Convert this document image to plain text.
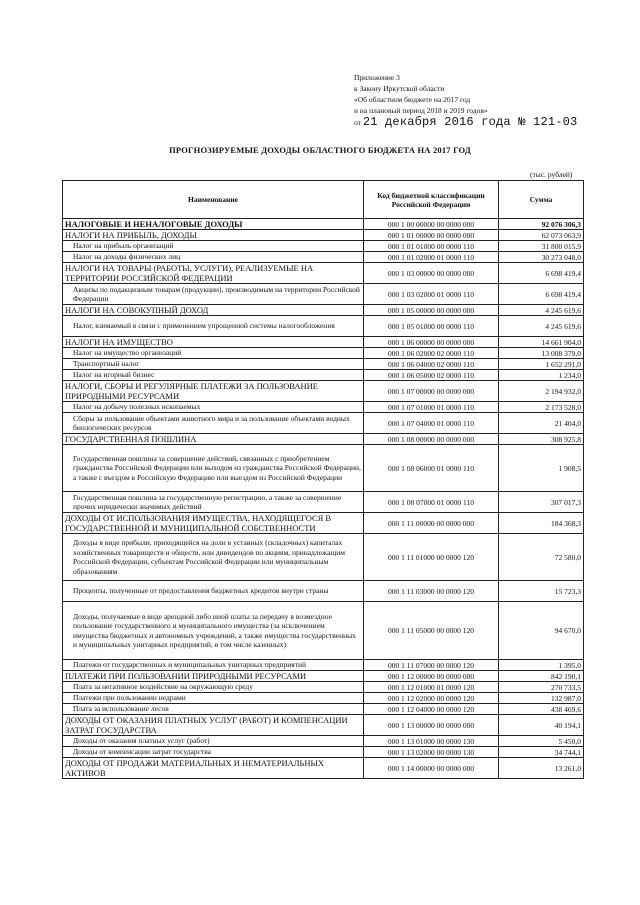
Приложение 3
к Закону Иркутской области
«Об областном бюджете на 2017 год
и на плановый период 2018 и 2019 годов»
от 21 декабря 2016 года № 121-03
ПРОГНОЗИРУЕМЫЕ ДОХОДЫ ОБЛАСТНОГО БЮДЖЕТА НА 2017 ГОД
(тыс. рублей)
Наименование	Код бюджетной классификации Российской Федерации	Сумма
НАЛОГОВЫЕ И НЕНАЛОГОВЫЕ ДОХОДЫ	000 1 00 00000 00 0000 000	92 076 306,3
НАЛОГИ НА ПРИБЫЛЬ, ДОХОДЫ	000 1 01 00000 00 0000 000	62 073 063,9
Налог на прибыль организаций	000 1 01 01000 00 0000 110	31 800 015,9
Налог на доходы физических лиц	000 1 01 02000 01 0000 110	30 273 048,0
НАЛОГИ НА ТОВАРЫ (РАБОТЫ, УСЛУГИ), РЕАЛИЗУЕМЫЕ НА ТЕРРИТОРИИ РОССИЙСКОЙ ФЕДЕРАЦИИ	000 1 03 00000 00 0000 000	6 698 419,4
Акцизы по подакцизным товарам (продукции), производимым на территории Российской Федерации	000 1 03 02000 01 0000 110	6 698 419,4
НАЛОГИ НА СОВОКУПНЫЙ ДОХОД	000 1 05 00000 00 0000 000	4 245 619,6
Налог, взимаемый в связи с применением упрощенной системы налогообложения	000 1 05 01000 00 0000 110	4 245 619,6
НАЛОГИ НА ИМУЩЕСТВО	000 1 06 00000 00 0000 000	14 661 904,0
Налог на имущество организаций	000 1 06 02000 02 0000 110	13 008 379,0
Транспортный налог	000 1 06 04000 02 0000 110	1 652 291,0
Налог на игорный бизнес	000 1 06 05000 02 0000 110	1 234,0
НАЛОГИ, СБОРЫ И РЕГУЛЯРНЫЕ ПЛАТЕЖИ ЗА ПОЛЬЗОВАНИЕ ПРИРОДНЫМИ РЕСУРСАМИ	000 1 07 00000 00 0000 000	2 194 932,0
Налог на добычу полезных ископаемых	000 1 07 01000 01 0000 110	2 173 528,0
Сборы за пользование объектами животного мира и за пользование объектами водных биологических ресурсов	000 1 07 04000 01 0000 110	21 404,0
ГОСУДАРСТВЕННАЯ ПОШЛИНА	000 1 08 00000 00 0000 000	308 925,8
Государственная пошлина за совершение действий, связанных с приобретением гражданства Российской Федерации или выходом из гражданства Российской Федерации, а также с въездом в Российскую Федерацию или выездом из Российской Федерации	000 1 08 06000 01 0000 110	1 908,5
Государственная пошлина за государственную регистрацию, а также за совершение прочих юридически значимых действий	000 1 08 07000 01 0000 110	307 017,3
ДОХОДЫ ОТ ИСПОЛЬЗОВАНИЯ ИМУЩЕСТВА, НАХОДЯЩЕГОСЯ В ГОСУДАРСТВЕННОЙ И МУНИЦИПАЛЬНОЙ СОБСТВЕННОСТИ	000 1 11 00000 00 0000 000	184 368,3
Доходы в виде прибыли, приходящейся на доли в уставных (складочных) капиталах хозяйственных товариществ и обществ, или дивидендов по акциям, принадлежащим Российской Федерации, субъектам Российской Федерации или муниципальным образованиям	000 1 11 01000 00 0000 120	72 580,0
Проценты, полученные от предоставления бюджетных кредитов внутри страны	000 1 11 03000 00 0000 120	15 723,3
Доходы, получаемые в виде арендной либо иной платы за передачу в возмездное пользование государственного и муниципального имущества (за исключением имущества бюджетных и автономных учреждений, а также имущества государственных и муниципальных унитарных предприятий, в том числе казенных)	000 1 11 05000 00 0000 120	94 670,0
Платежи от государственных и муниципальных унитарных предприятий	000 1 11 07000 00 0000 120	1 395,0
ПЛАТЕЖИ ПРИ ПОЛЬЗОВАНИИ ПРИРОДНЫМИ РЕСУРСАМИ	000 1 12 00000 00 0000 000	842 190,1
Плата за негативное воздействие на окружающую среду	000 1 12 01000 01 0000 120	270 733,5
Платежи при пользовании недрами	000 1 12 02000 00 0000 120	132 987,0
Плата за использование лесов	000 1 12 04000 00 0000 120	438 469,6
ДОХОДЫ ОТ ОКАЗАНИЯ ПЛАТНЫХ УСЛУГ (РАБОТ) И КОМПЕНСАЦИИ ЗАТРАТ ГОСУДАРСТВА	000 1 13 00000 00 0000 000	40 194,1
Доходы от оказания платных услуг (работ)	000 1 13 01000 00 0000 130	5 450,0
Доходы от компенсации затрат государства	000 1 13 02000 00 0000 130	34 744,1
ДОХОДЫ ОТ ПРОДАЖИ МАТЕРИАЛЬНЫХ И НЕМАТЕРИАЛЬНЫХ АКТИВОВ	000 1 14 00000 00 0000 000	13 261,0
